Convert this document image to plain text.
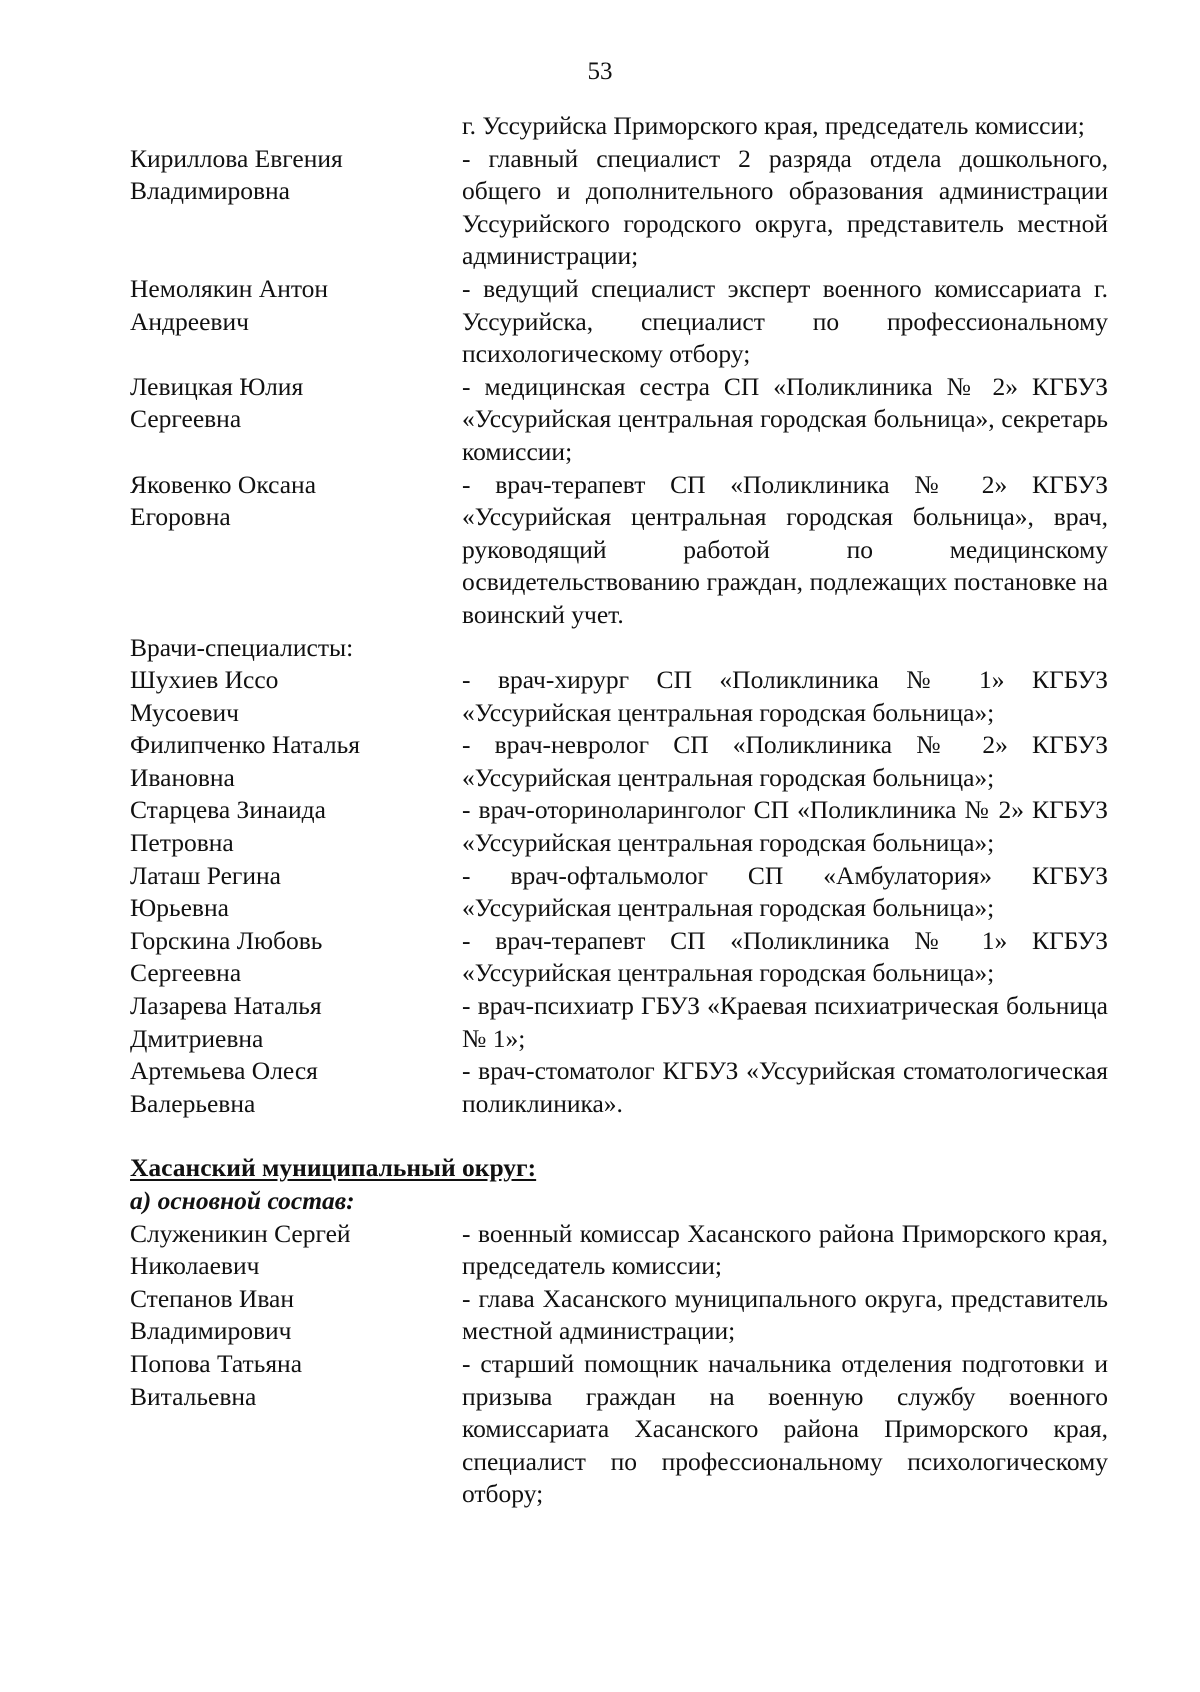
53
г. Уссурийска Приморского края, председатель комиссии;
Кириллова Евгения
Владимировна
- главный специалист 2 разряда отдела дошкольного, общего и дополнительного образования администрации Уссурийского городского округа, представитель местной администрации;
Немолякин Антон
Андреевич
- ведущий специалист эксперт военного комиссариата г. Уссурийска, специалист по профессиональному психологическому отбору;
Левицкая Юлия
Сергеевна
- медицинская сестра СП «Поликлиника № 2» КГБУЗ «Уссурийская центральная городская больница», секретарь комиссии;
Яковенко Оксана
Егоровна
- врач-терапевт СП «Поликлиника № 2» КГБУЗ «Уссурийская центральная городская больница», врач, руководящий работой по медицинскому освидетельствованию граждан, подлежащих постановке на воинский учет.
Врачи-специалисты:
Шухиев Иссо
Мусоевич
- врач-хирург СП «Поликлиника № 1» КГБУЗ «Уссурийская центральная городская больница»;
Филипченко Наталья
Ивановна
- врач-невролог СП «Поликлиника № 2» КГБУЗ «Уссурийская центральная городская больница»;
Старцева Зинаида
Петровна
- врач-оториноларинголог СП «Поликлиника № 2» КГБУЗ «Уссурийская центральная городская больница»;
Латаш Регина
Юрьевна
- врач-офтальмолог СП «Амбулатория» КГБУЗ «Уссурийская центральная городская больница»;
Горскина Любовь
Сергеевна
- врач-терапевт СП «Поликлиника № 1» КГБУЗ «Уссурийская центральная городская больница»;
Лазарева Наталья
Дмитриевна
- врач-психиатр ГБУЗ «Краевая психиатрическая больница № 1»;
Артемьева Олеся
Валерьевна
- врач-стоматолог КГБУЗ «Уссурийская стоматологическая поликлиника».
Хасанский муниципальный округ:
а) основной состав:
Служеникин Сергей
Николаевич
- военный комиссар Хасанского района Приморского края, председатель комиссии;
Степанов Иван
Владимирович
- глава Хасанского муниципального округа, представитель местной администрации;
Попова Татьяна
Витальевна
- старший помощник начальника отделения подготовки и призыва граждан на военную службу военного комиссариата Хасанского района Приморского края, специалист по профессиональному психологическому отбору;
